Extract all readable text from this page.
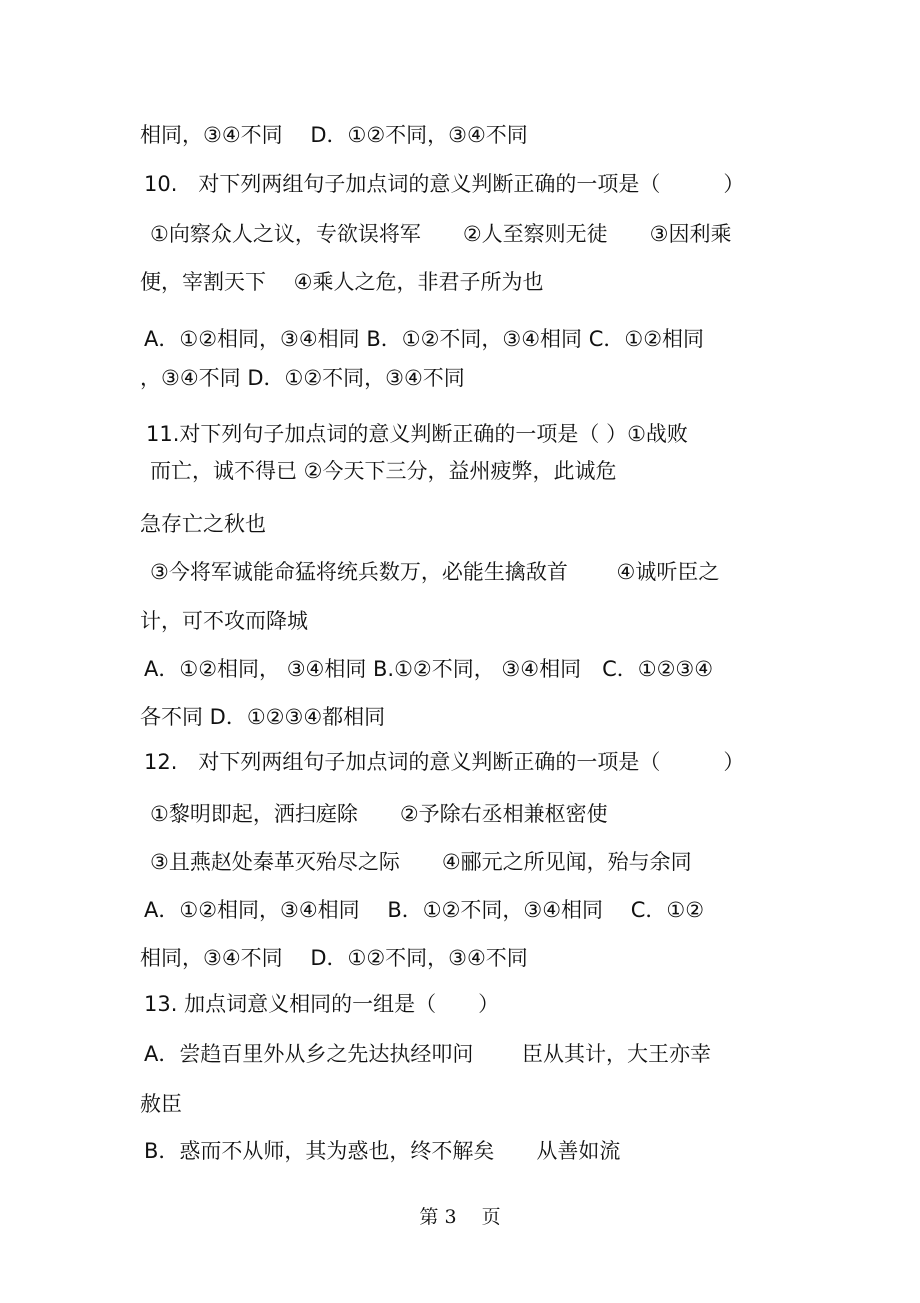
相同，③④不同　 D．①②不同，③④不同
10.　对下列两组句子加点词的意义判断正确的一项是（　　　）
①向察众人之议，专欲误将军　　②人至察则无徒　　③因利乘
便，宰割天下　 ④乘人之危，非君子所为也
A．①②相同，③④相同 B．①②不同，③④相同 C．①②相同
，③④不同 D．①②不同，③④不同
11.对下列句子加点词的意义判断正确的一项是（ ）①战败
而亡，诚不得已 ②今天下三分，益州疲弊，此诚危
急存亡之秋也
③今将军诚能命猛将统兵数万，必能生擒敌首　　 ④诚听臣之
计，可不攻而降城
A．①②相同， ③④相同 B.①②不同， ③④相同　C．①②③④
各不同 D．①②③④都相同
12.　对下列两组句子加点词的意义判断正确的一项是（　　　）
①黎明即起，洒扫庭除　　②予除右丞相兼枢密使
③且燕赵处秦革灭殆尽之际　　④郦元之所见闻，殆与余同
A．①②相同，③④相同　 B．①②不同，③④相同　 C．①②
相同，③④不同　 D．①②不同，③④不同
13. 加点词意义相同的一组是（　　）
A．尝趋百里外从乡之先达执经叩问　　 臣从其计，大王亦幸
赦臣
B．惑而不从师，其为惑也，终不解矣　　从善如流
第 3　 页
